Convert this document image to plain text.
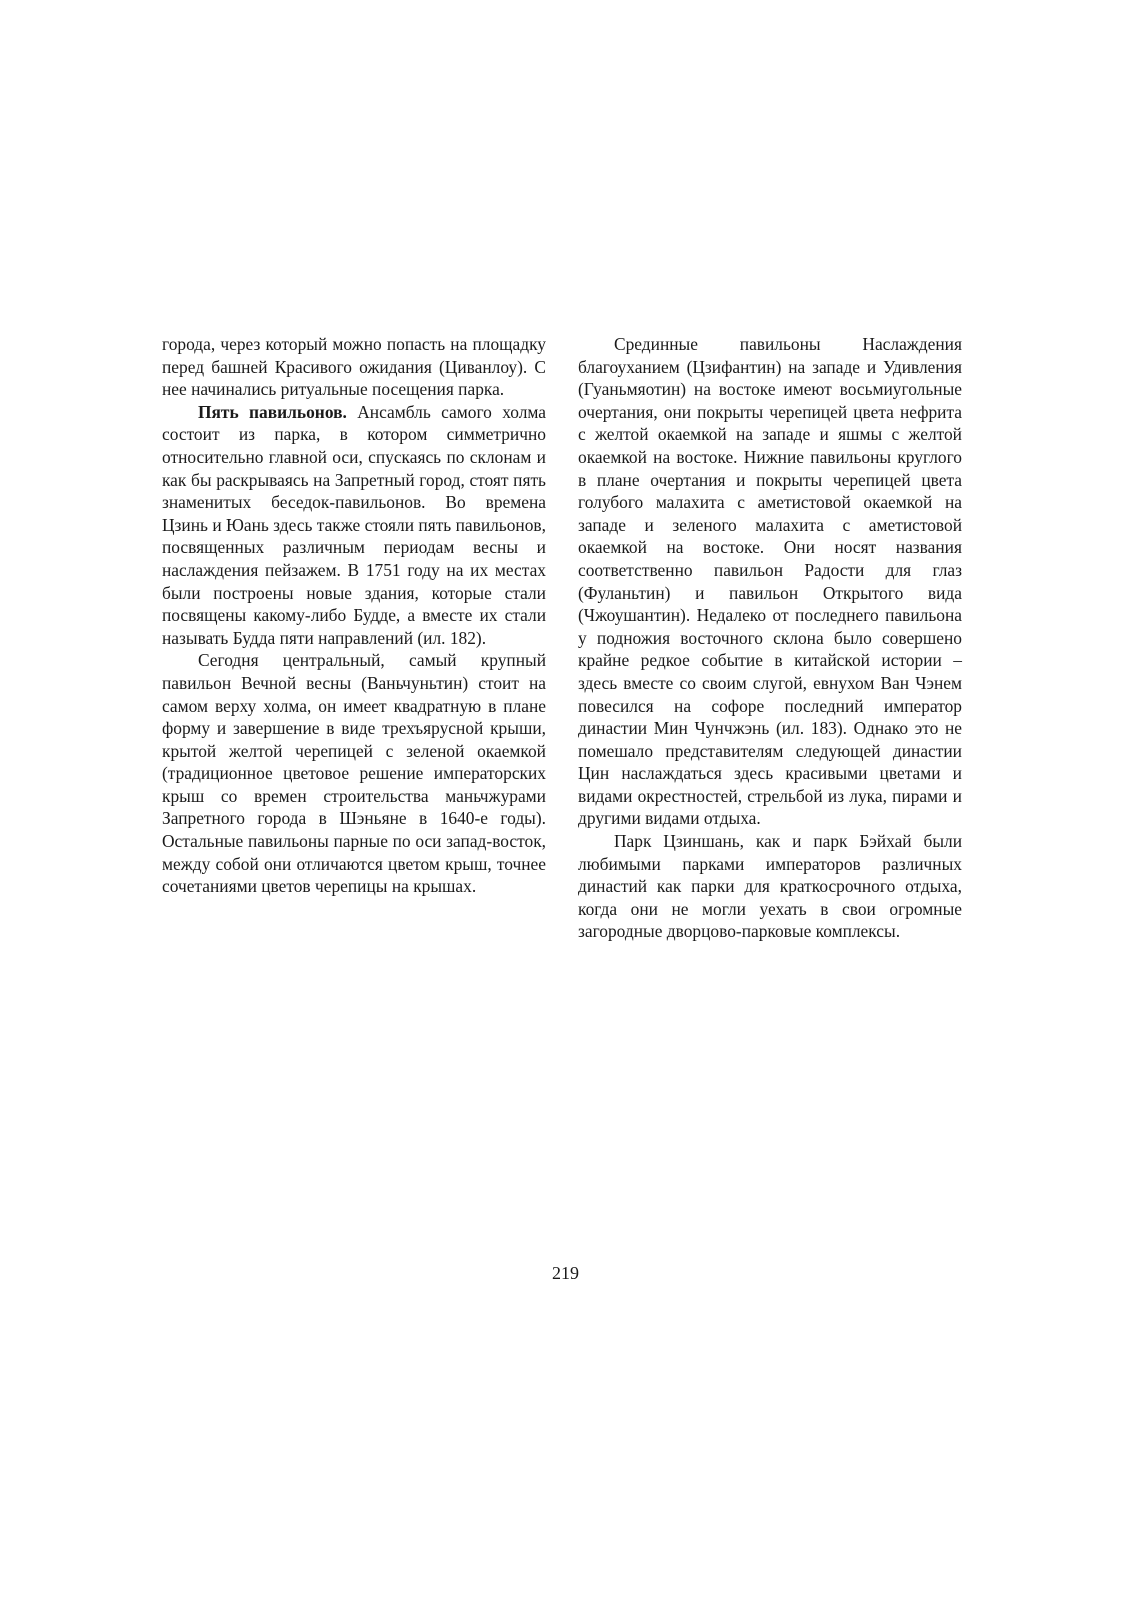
города, через который можно попасть на площадку перед башней Красивого ожидания (Циванлоу). С нее начинались ритуальные посещения парка.

Пять павильонов. Ансамбль самого холма состоит из парка, в котором симметрично относительно главной оси, спускаясь по склонам и как бы раскрываясь на Запретный город, стоят пять знаменитых беседок-павильонов. Во времена Цзинь и Юань здесь также стояли пять павильонов, посвященных различным периодам весны и наслаждения пейзажем. В 1751 году на их местах были построены новые здания, которые стали посвящены какому-либо Будде, а вместе их стали называть Будда пяти направлений (ил. 182).

Сегодня центральный, самый крупный павильон Вечной весны (Ваньчуньтин) стоит на самом верху холма, он имеет квадратную в плане форму и завершение в виде трехъярусной крыши, крытой желтой черепицей с зеленой окаемкой (традиционное цветовое решение императорских крыш со времен строительства маньчжурами Запретного города в Шэньяне в 1640-е годы). Остальные павильоны парные по оси запад-восток, между собой они отличаются цветом крыш, точнее сочетаниями цветов черепицы на крышах.

Срединные павильоны Наслаждения благоуханием (Цзифантин) на западе и Удивления (Гуаньмяотин) на востоке имеют восьмиугольные очертания, они покрыты черепицей цвета нефрита с желтой окаемкой на западе и яшмы с желтой окаемкой на востоке. Нижние павильоны круглого в плане очертания и покрыты черепицей цвета голубого малахита с аметистовой окаемкой на западе и зеленого малахита с аметистовой окаемкой на востоке. Они носят названия соответственно павильон Радости для глаз (Фуланьтин) и павильон Открытого вида (Чжоушантин). Недалеко от последнего павильона у подножия восточного склона было совершено крайне редкое событие в китайской истории – здесь вместе со своим слугой, евнухом Ван Чэнем повесился на софоре последний император династии Мин Чунчжэнь (ил. 183). Однако это не помешало представителям следующей династии Цин наслаждаться здесь красивыми цветами и видами окрестностей, стрельбой из лука, пирами и другими видами отдыха.

Парк Цзиншань, как и парк Бэйхай были любимыми парками императоров различных династий как парки для краткосрочного отдыха, когда они не могли уехать в свои огромные загородные дворцово-парковые комплексы.

219
